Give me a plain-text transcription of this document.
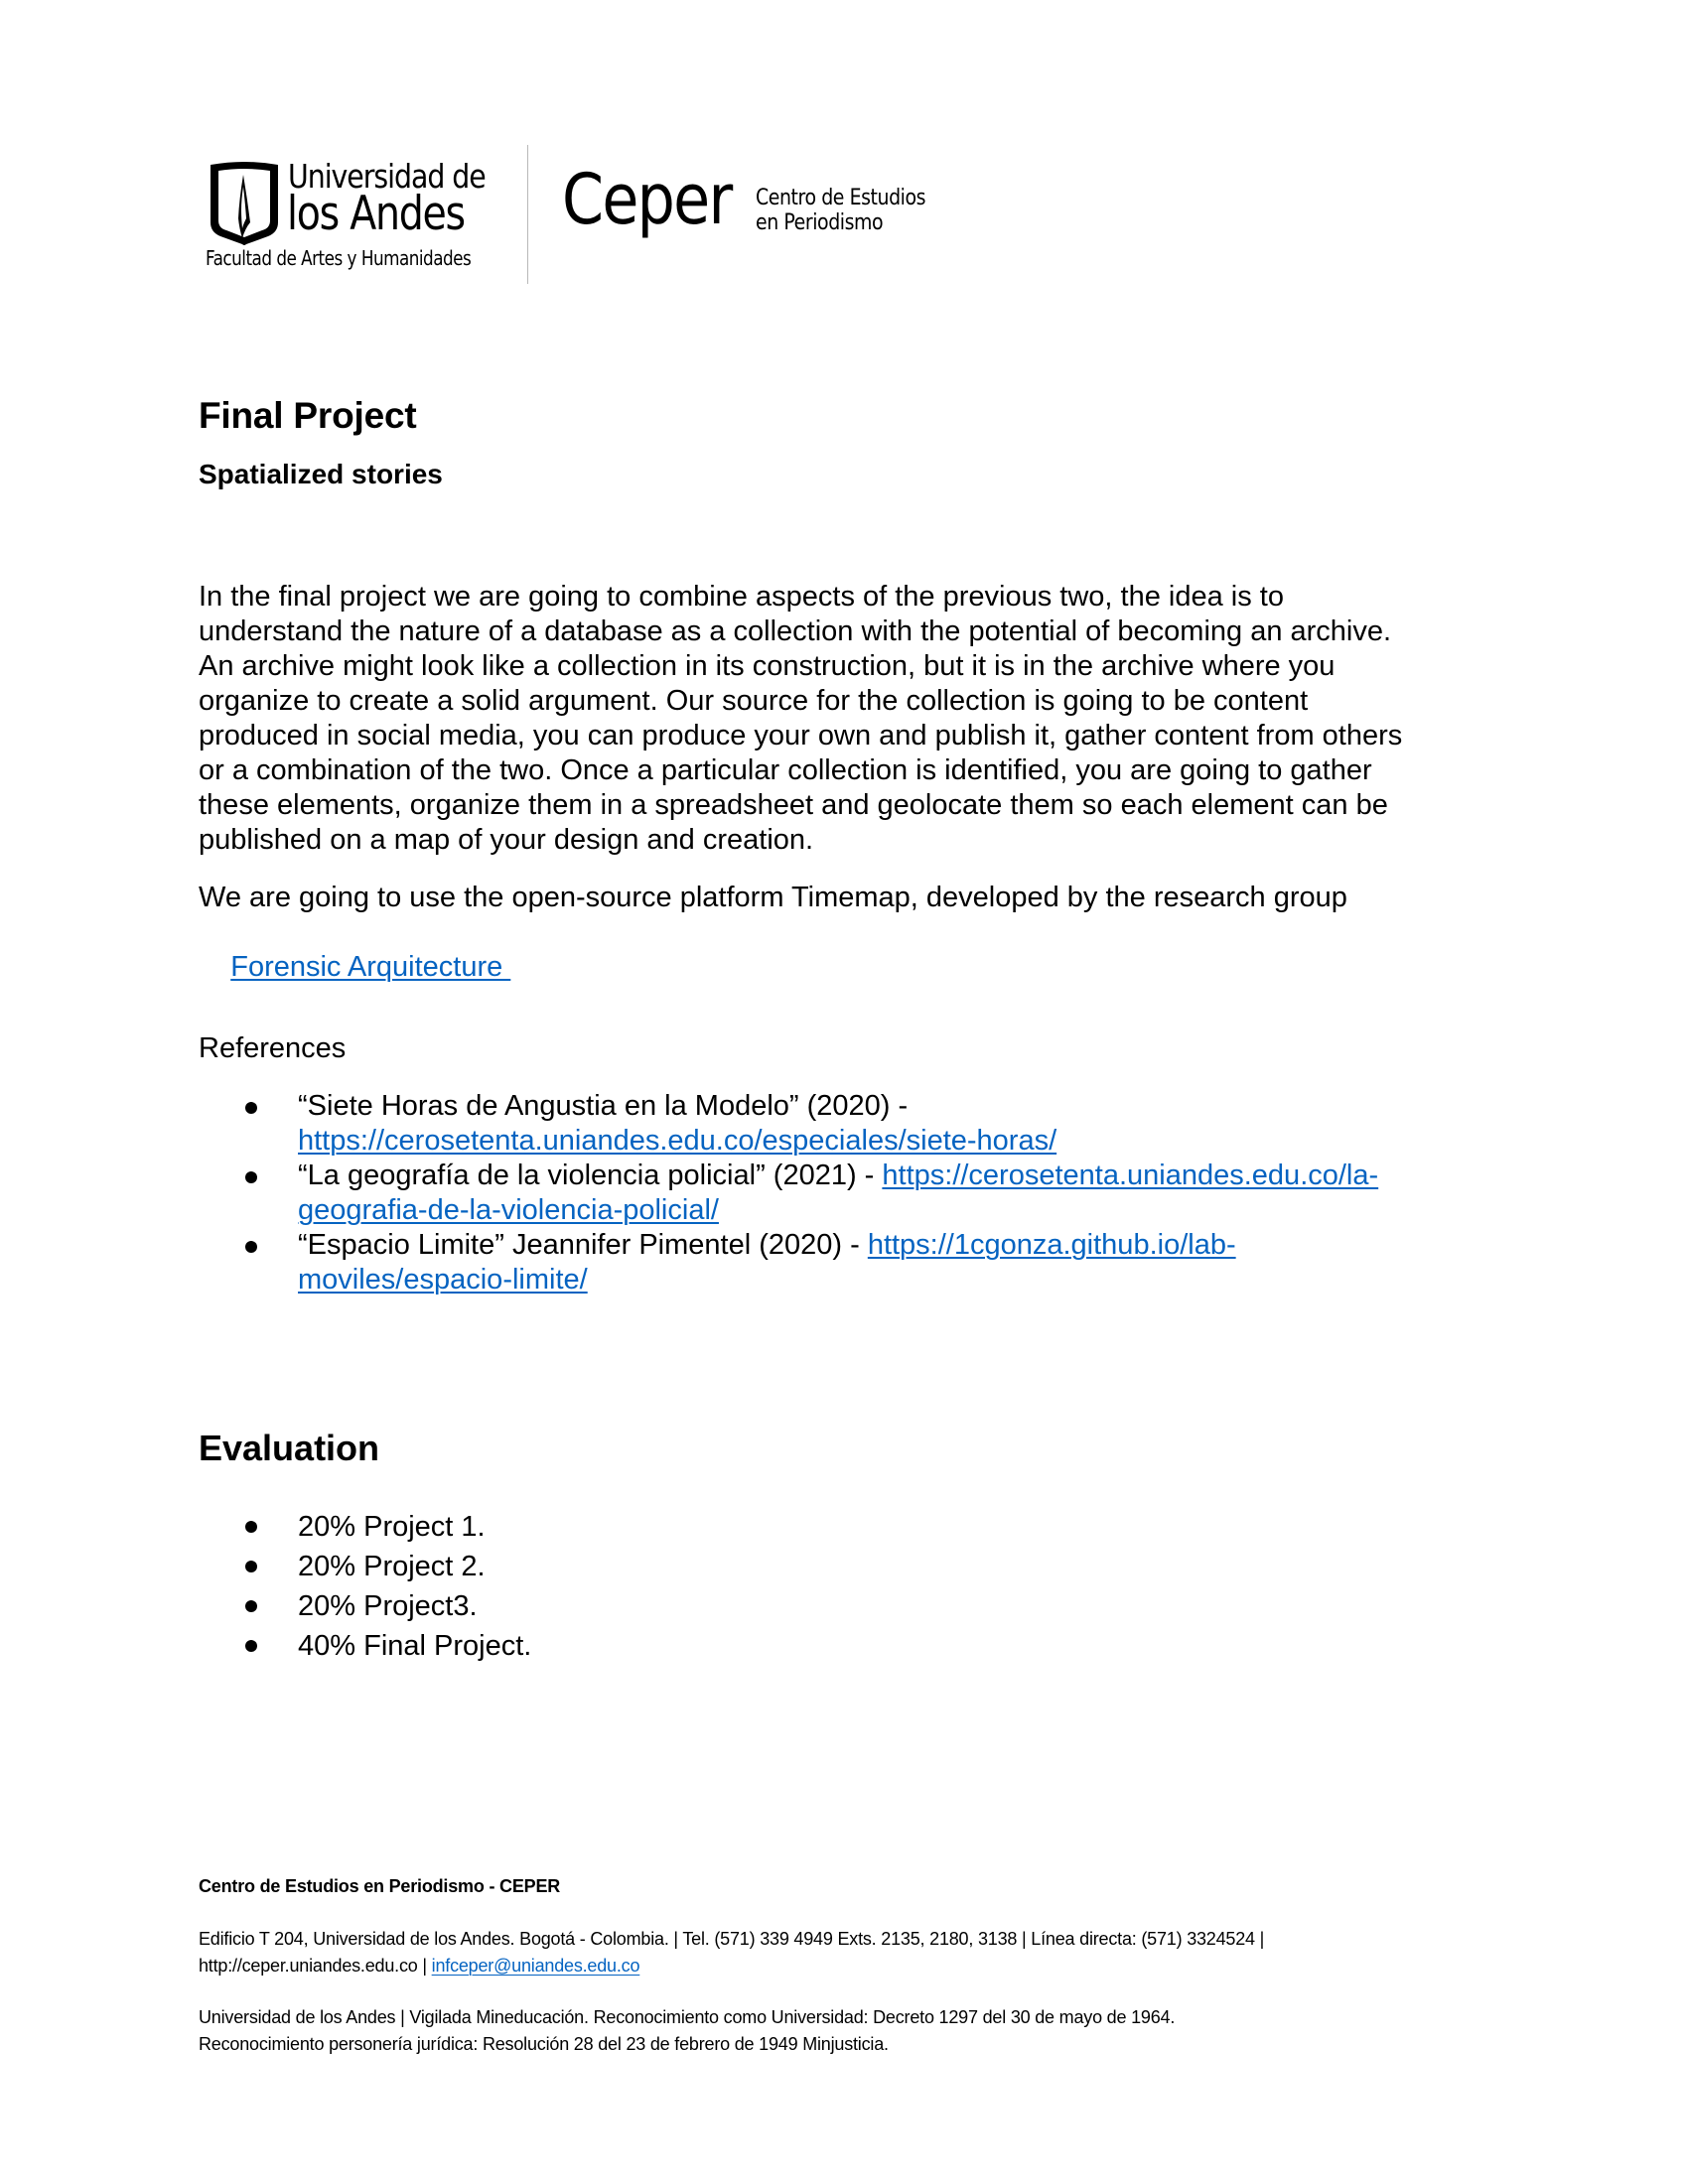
Universidad de
los Andes
Facultad de Artes y Humanidades
Ceper Centro de Estudios
en Periodismo
Final Project
Spatialized stories
In the final project we are going to combine aspects of the previous two, the idea is to
understand the nature of a database as a collection with the potential of becoming an archive.
An archive might look like a collection in its construction, but it is in the archive where you
organize to create a solid argument. Our source for the collection is going to be content
produced in social media, you can produce your own and publish it, gather content from others
or a combination of the two. Once a particular collection is identified, you are going to gather
these elements, organize them in a spreadsheet and geolocate them so each element can be
published on a map of your design and creation.
We are going to use the open-source platform Timemap, developed by the research group

Forensic Arquitecture

References
“Siete Horas de Angustia en la Modelo” (2020) -
https://cerosetenta.uniandes.edu.co/especiales/siete-horas/
“La geografía de la violencia policial” (2021) - https://cerosetenta.uniandes.edu.co/la-
geografia-de-la-violencia-policial/
“Espacio Limite” Jeannifer Pimentel (2020) - https://1cgonza.github.io/lab-
moviles/espacio-limite/
Evaluation
20% Project 1.
20% Project 2.
20% Project3.
40% Final Project.
Centro de Estudios en Periodismo - CEPER
Edificio T 204, Universidad de los Andes. Bogotá - Colombia. | Tel. (571) 339 4949 Exts. 2135, 2180, 3138 | Línea directa: (571) 3324524 |
http://ceper.uniandes.edu.co | infceper@uniandes.edu.co
Universidad de los Andes | Vigilada Mineducación. Reconocimiento como Universidad: Decreto 1297 del 30 de mayo de 1964.
Reconocimiento personería jurídica: Resolución 28 del 23 de febrero de 1949 Minjusticia.
